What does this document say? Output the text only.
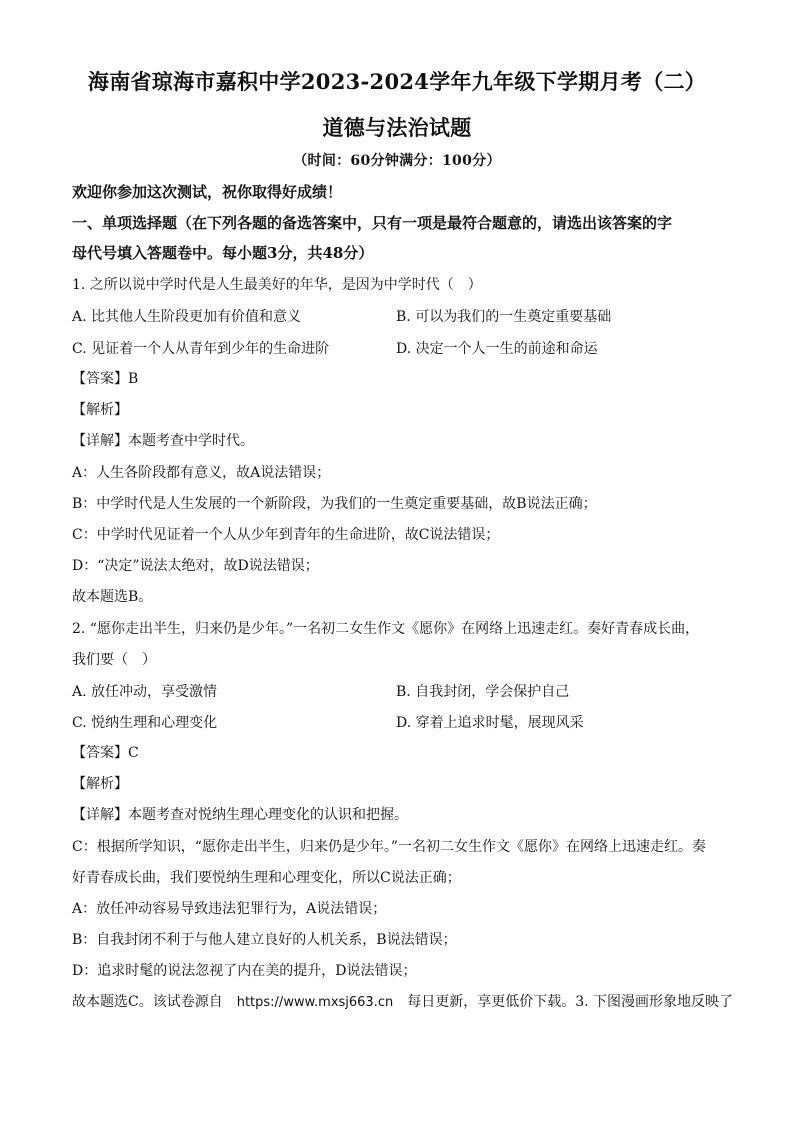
海南省琼海市嘉积中学2023-2024学年九年级下学期月考（二）
道德与法治试题
（时间：60分钟满分：100分）
欢迎你参加这次测试，祝你取得好成绩！
一、单项选择题（在下列各题的备选答案中，只有一项是最符合题意的，请选出该答案的字
母代号填入答题卷中。每小题3分，共48分）
1. 之所以说中学时代是人生最美好的年华，是因为中学时代（　）
A. 比其他人生阶段更加有价值和意义	B. 可以为我们的一生奠定重要基础
C. 见证着一个人从青年到少年的生命进阶	D. 决定一个人一生的前途和命运
【答案】B
【解析】
【详解】本题考查中学时代。
A：人生各阶段都有意义，故A说法错误；
B：中学时代是人生发展的一个新阶段，为我们的一生奠定重要基础，故B说法正确；
C：中学时代见证着一个人从少年到青年的生命进阶，故C说法错误；
D：“决定”说法太绝对，故D说法错误；
故本题选B。
2. “愿你走出半生，归来仍是少年。”一名初二女生作文《愿你》在网络上迅速走红。奏好青春成长曲，
我们要（　）
A. 放任冲动，享受激情	B. 自我封闭，学会保护自己
C. 悦纳生理和心理变化	D. 穿着上追求时髦，展现风采
【答案】C
【解析】
【详解】本题考查对悦纳生理心理变化的认识和把握。
C：根据所学知识，“愿你走出半生，归来仍是少年。”一名初二女生作文《愿你》在网络上迅速走红。奏
好青春成长曲，我们要悦纳生理和心理变化，所以C说法正确；
A：放任冲动容易导致违法犯罪行为，A说法错误；
B：自我封闭不利于与他人建立良好的人机关系，B说法错误；
D：追求时髦的说法忽视了内在美的提升，D说法错误；
故本题选C。该试卷源自　https://www.mxsj663.cn　每日更新，享更低价下载。3. 下图漫画形象地反映了
